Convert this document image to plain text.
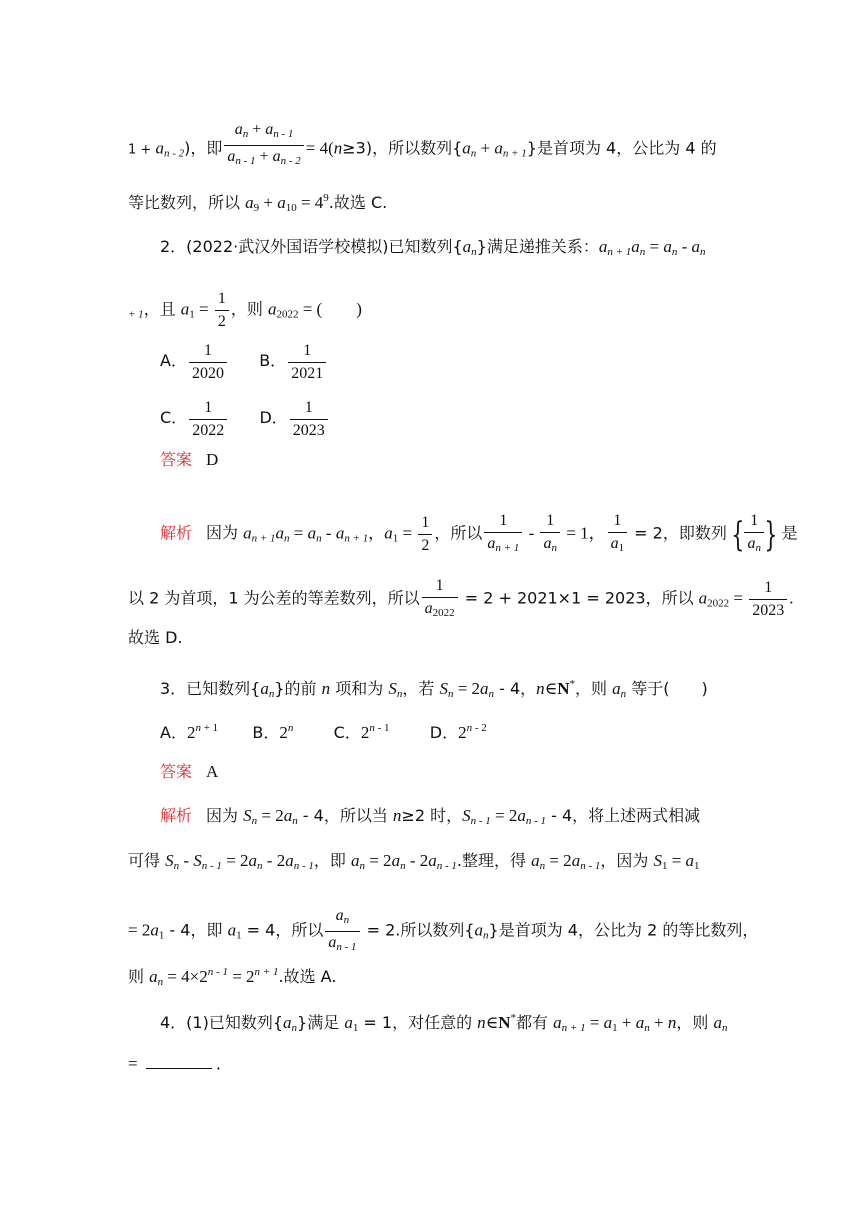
$1 + a_{n - 2}$)，即 $\frac{a_n + a_{n - 1}}{a_{n - 1} + a_{n - 2}} = 4(n\ge 3)$，所以数列$\{a_n + a_{n + 1}\}$是首项为 4，公比为 4 的
等比数列，所以 $a_9 + a_{10} = 4^9$.故选 C.
2．(2022·武汉外国语学校模拟)已知数列$\{a_n\}$满足递推关系：$a_{n + 1}a_n = a_n - a_n$
$_{+ 1}$，且 $a_1 = \frac{1}{2}$ ，则 $a_{2022}$ = (　　)
A． $\frac{1}{2020}$ B． $\frac{1}{2021}$
C． $\frac{1}{2022}$ D． $\frac{1}{2023}$
答案 D
解析 因为 $a_{n + 1}a_n = a_n - a_{n + 1}$，$a_1 = \frac{1}{2}$ ，所以 $\frac{1}{a_{n + 1}} - \frac{1}{a_n} = 1$， $\frac{1}{a_1} = 2$，即数列 { $\frac{1}{a_n}$ } 是
以 2 为首项，1 为公差的等差数列，所以 $\frac{1}{a_{2022}} = 2 + 2021\times 1 = 2023$，所以 $a_{2022} = \frac{1}{2023}$ .
故选 D.
3．已知数列$\{a_n\}$的前 n 项和为 $S_n$，若 $S_n = 2a_n - 4$，n∈N*，则 $a_n$ 等于(　　)
A．$2^{n + 1}$ B．2$^n$	C．2$^{n - 1}$	D．2$^{n - 2}$
答案 A
解析 因为 $S_n = 2a_n - 4$，所以当 n≥2 时，$S_{n - 1} = 2a_{n - 1} - 4$，将上述两式相减
可得 $S_n - S_{n - 1} = 2a_n - 2a_{n - 1}$，即 $a_n = 2a_n - 2a_{n - 1}$.整理，得 $a_n = 2a_{n - 1}$，因为 $S_1 = a_1$
= $2a_1 - 4$，即 $a_1 = 4$，所以 $\frac{a_n}{a_{n - 1}} = 2$.所以数列$\{a_n\}$是首项为 4，公比为 2 的等比数列，
则 $a_n = 4\times 2^{n - 1} = 2^{n + 1}$.故选 A.
4．(1)已知数列$\{a_n\}$满足 $a_1 = 1$，对任意的 n∈N*都有 $a_{n + 1} = a_1 + a_n + n$，则 $a_n$
=	．
